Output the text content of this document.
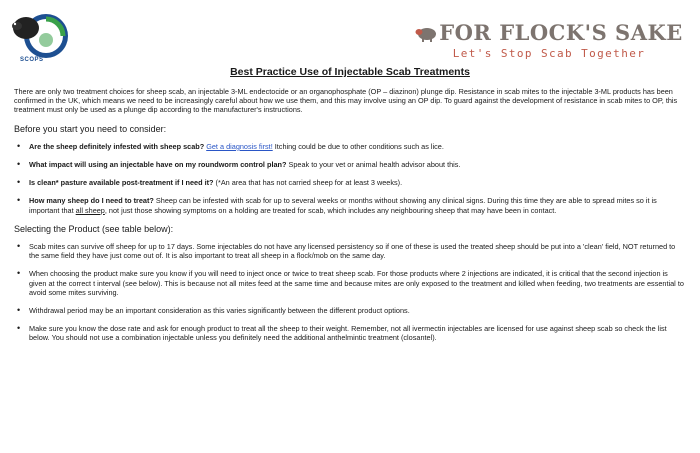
SCOPS
FOR FLOCK'S SAKE
Let's Stop Scab Together
Best Practice Use of Injectable Scab Treatments

There are only two treatment choices for sheep scab, an injectable 3-ML endectocide or an organophosphate (OP – diazinon) plunge dip. Resistance in scab mites to the injectable 3-ML products has been confirmed in the UK, which means we need to be increasingly careful about how we use them, and this may involve using an OP dip. To guard against the development of resistance in scab mites to OP, this treatment must only be used as a plunge dip according to the manufacturer's instructions.

Before you start you need to consider:
• Are the sheep definitely infested with sheep scab? Get a diagnosis first! Itching could be due to other conditions such as lice.
• What impact will using an injectable have on my roundworm control plan? Speak to your vet or animal health advisor about this.
• Is clean* pasture available post-treatment if I need it? (*An area that has not carried sheep for at least 3 weeks).
• How many sheep do I need to treat? Sheep can be infested with scab for up to several weeks or months without showing any clinical signs. During this time they are able to spread mites so it is important that all sheep, not just those showing symptoms on a holding are treated for scab, which includes any neighbouring sheep that may have been in contact.
Selecting the Product (see table below):
• Scab mites can survive off sheep for up to 17 days. Some injectables do not have any licensed persistency so if one of these is used the treated sheep should be put into a 'clean' field, NOT returned to the same field they have just come out of. It is also important to treat all sheep in a flock/mob on the same day.
• When choosing the product make sure you know if you will need to inject once or twice to treat sheep scab. For those products where 2 injections are indicated, it is critical that the second injection is given at the correct t interval (see below). This is because not all mites feed at the same time and because mites are only exposed to the treatment and killed when feeding, two treatments are essential to avoid some mites surviving.
• Withdrawal period may be an important consideration as this varies significantly between the different product options.
• Make sure you know the dose rate and ask for enough product to treat all the sheep to their weight. Remember, not all ivermectin injectables are licensed for use against sheep scab so check the list below. You should not use a combination injectable unless you definitely need the additional anthelmintic treatment (closantel).
